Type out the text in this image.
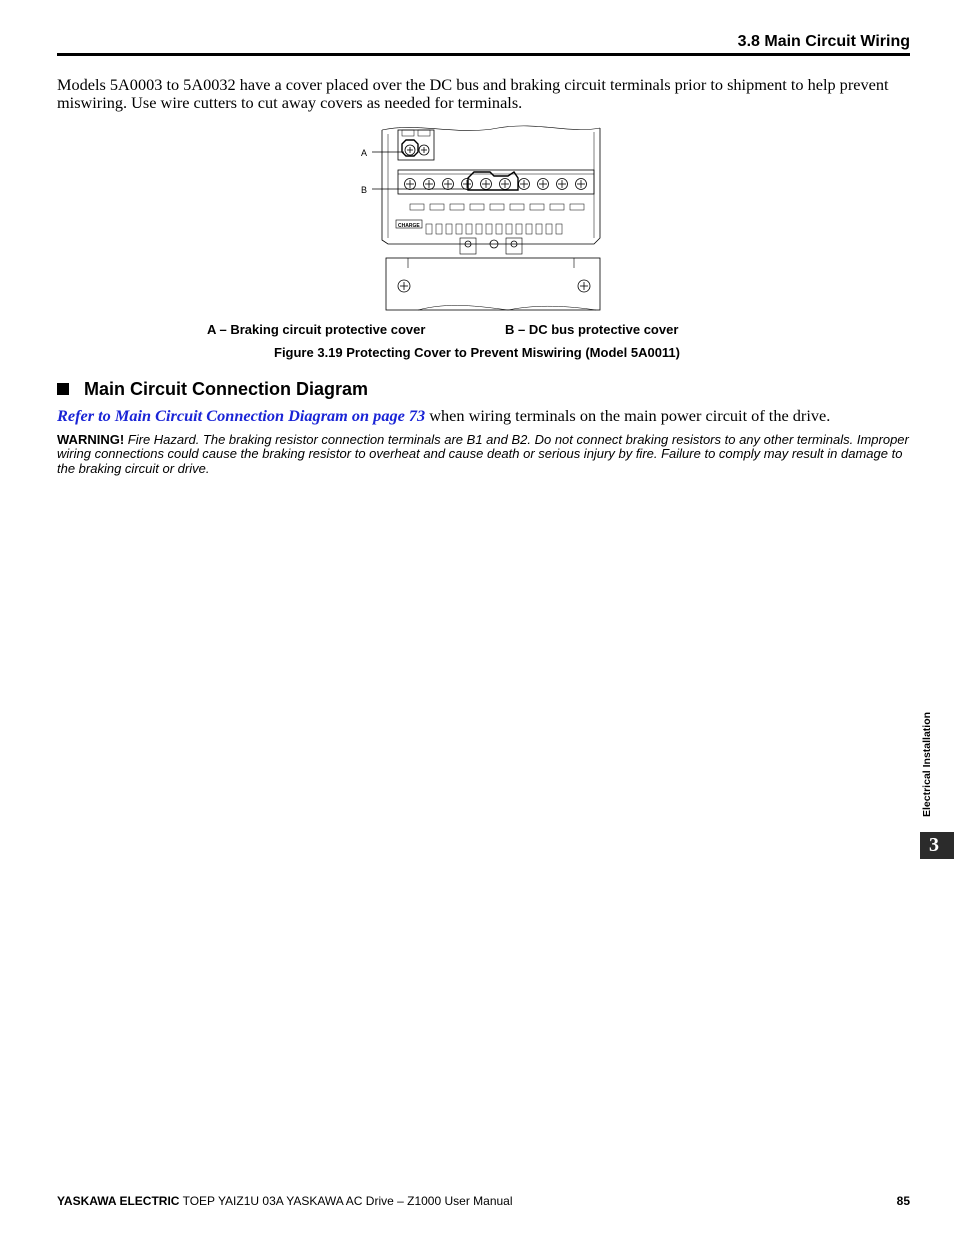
3.8 Main Circuit Wiring

Models 5A0003 to 5A0032 have a cover placed over the DC bus and braking circuit terminals prior to shipment to help prevent miswiring. Use wire cutters to cut away covers as needed for terminals.

A
B
CHARGE
A – Braking circuit protective cover	B – DC bus protective cover
Figure 3.19 Protecting Cover to Prevent Miswiring (Model 5A0011)
Main Circuit Connection Diagram
Refer to Main Circuit Connection Diagram on page 73 when wiring terminals on the main power circuit of the drive.
WARNING! Fire Hazard. The braking resistor connection terminals are B1 and B2. Do not connect braking resistors to any other terminals. Improper wiring connections could cause the braking resistor to overheat and cause death or serious injury by fire. Failure to comply may result in damage to the braking circuit or drive.
Electrical Installation
3
YASKAWA ELECTRIC TOEP YAIZ1U 03A YASKAWA AC Drive – Z1000 User Manual	85
